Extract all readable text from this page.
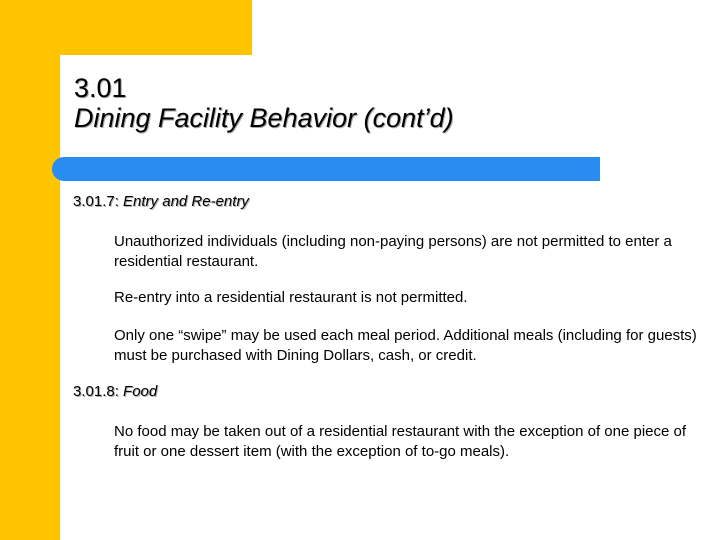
3.01
Dining Facility Behavior (cont’d)
3.01.7: Entry and Re-entry
Unauthorized individuals (including non-paying persons) are not permitted to enter a residential restaurant.
Re-entry into a residential restaurant is not permitted.
Only one “swipe” may be used each meal period. Additional meals (including for guests) must be purchased with Dining Dollars, cash, or credit.
3.01.8: Food
No food may be taken out of a residential restaurant with the exception of one piece of fruit or one dessert item (with the exception of to-go meals).
